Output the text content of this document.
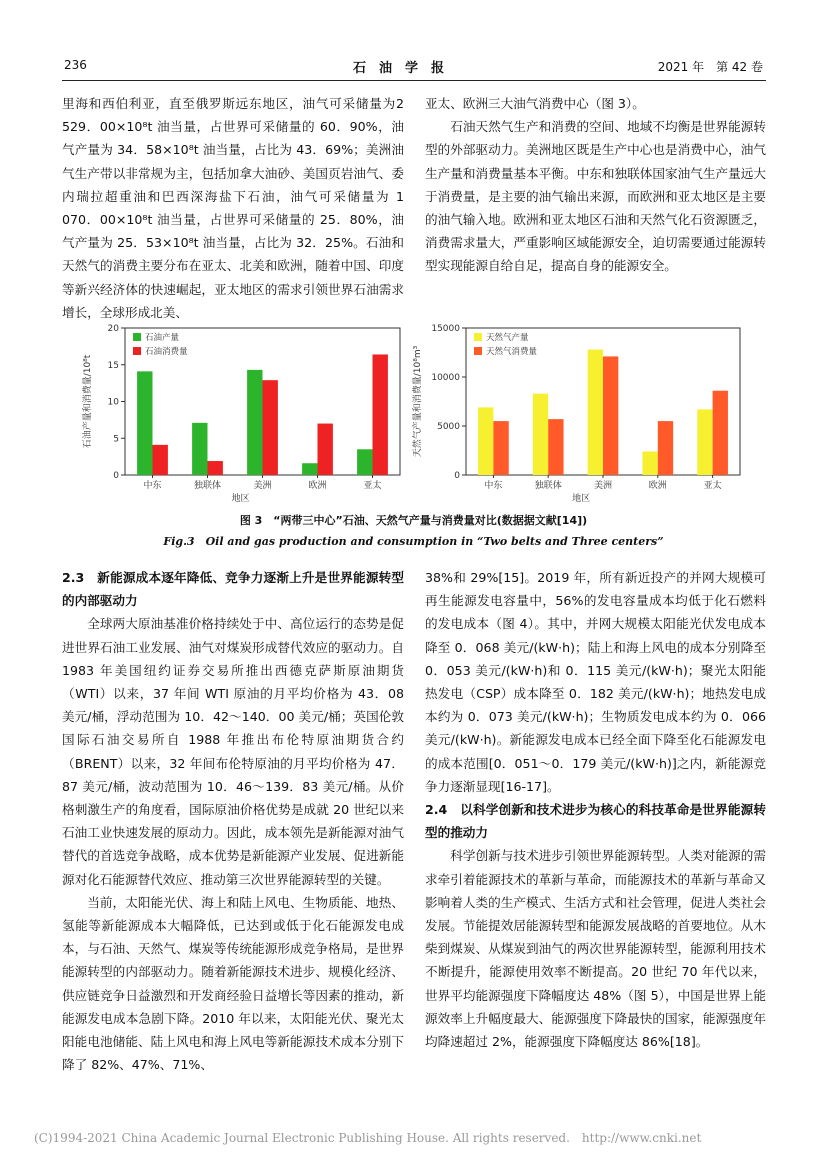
236	石　油　学　报	2021 年　第 42 卷

里海和西伯利亚，直至俄罗斯远东地区，油气可采储量为2 529．00×10⁸t 油当量，占世界可采储量的 60．90%，油气产量为 34．58×10⁸t 油当量，占比为 43．69%；美洲油气生产带以非常规为主，包括加拿大油砂、美国页岩油气、委内瑞拉超重油和巴西深海盐下石油，油气可采储量为 1 070．00×10⁸t 油当量，占世界可采储量的 25．80%，油气产量为 25．53×10⁸t 油当量，占比为 32．25%。石油和天然气的消费主要分布在亚太、北美和欧洲，随着中国、印度等新兴经济体的快速崛起，亚太地区的需求引领世界石油需求增长，全球形成北美、

亚太、欧洲三大油气消费中心（图 3）。

石油天然气生产和消费的空间、地域不均衡是世界能源转型的外部驱动力。美洲地区既是生产中心也是消费中心，油气生产量和消费量基本平衡。中东和独联体国家油气生产量远大于消费量，是主要的油气输出来源，而欧洲和亚太地区是主要的油气输入地。欧洲和亚太地区石油和天然气化石资源匮乏，消费需求量大，严重影响区域能源安全，迫切需要通过能源转型实现能源自给自足，提高自身的能源安全。

0
5
10
15
20
中东	独联体	美洲	欧洲	亚太
地区
石油产量和消费量/10⁸t
石油产量
石油消费量
0
5000
10000
15000
中东	独联体	美洲	欧洲	亚太
地区
天然气产量和消费量/10⁸m³
天然气产量
天然气消费量
图 3　“两带三中心”石油、天然气产量与消费量对比(数据据文献[14])
Fig.3　Oil and gas production and consumption in “Two belts and Three centers”

2.3　新能源成本逐年降低、竞争力逐渐上升是世界能源转型的内部驱动力

全球两大原油基准价格持续处于中、高位运行的态势是促进世界石油工业发展、油气对煤炭形成替代效应的驱动力。自 1983 年美国纽约证券交易所推出西德克萨斯原油期货（WTI）以来，37 年间 WTI 原油的月平均价格为 43．08 美元/桶，浮动范围为 10．42～140．00 美元/桶；英国伦敦国际石油交易所自 1988 年推出布伦特原油期货合约（BRENT）以来，32 年间布伦特原油的月平均价格为 47．87 美元/桶，波动范围为 10．46～139．83 美元/桶。从价格刺激生产的角度看，国际原油价格优势是成就 20 世纪以来石油工业快速发展的原动力。因此，成本领先是新能源对油气替代的首选竞争战略，成本优势是新能源产业发展、促进新能源对化石能源替代效应、推动第三次世界能源转型的关键。

当前，太阳能光伏、海上和陆上风电、生物质能、地热、氢能等新能源成本大幅降低，已达到或低于化石能源发电成本，与石油、天然气、煤炭等传统能源形成竞争格局，是世界能源转型的内部驱动力。随着新能源技术进步、规模化经济、供应链竞争日益激烈和开发商经验日益增长等因素的推动，新能源发电成本急剧下降。2010 年以来，太阳能光伏、聚光太阳能电池储能、陆上风电和海上风电等新能源技术成本分别下降了 82%、47%、71%、

38%和 29%[15]。2019 年，所有新近投产的并网大规模可再生能源发电容量中，56%的发电容量成本均低于化石燃料的发电成本（图 4）。其中，并网大规模太阳能光伏发电成本降至 0．068 美元/(kW·h)；陆上和海上风电的成本分别降至 0．053 美元/(kW·h)和 0．115 美元/(kW·h)；聚光太阳能热发电（CSP）成本降至 0．182 美元/(kW·h)；地热发电成本约为 0．073 美元/(kW·h)；生物质发电成本约为 0．066 美元/(kW·h)。新能源发电成本已经全面下降至化石能源发电的成本范围[0．051～0．179 美元/(kW·h)]之内，新能源竞争力逐渐显现[16-17]。

2.4　以科学创新和技术进步为核心的科技革命是世界能源转型的推动力

科学创新与技术进步引领世界能源转型。人类对能源的需求牵引着能源技术的革新与革命，而能源技术的革新与革命又影响着人类的生产模式、生活方式和社会管理，促进人类社会发展。节能提效居能源转型和能源发展战略的首要地位。从木柴到煤炭、从煤炭到油气的两次世界能源转型，能源利用技术不断提升，能源使用效率不断提高。20 世纪 70 年代以来，世界平均能源强度下降幅度达 48%（图 5），中国是世界上能源效率上升幅度最大、能源强度下降最快的国家，能源强度年均降速超过 2%，能源强度下降幅度达 86%[18]。

(C)1994-2021 China Academic Journal Electronic Publishing House. All rights reserved.　http://www.cnki.net
